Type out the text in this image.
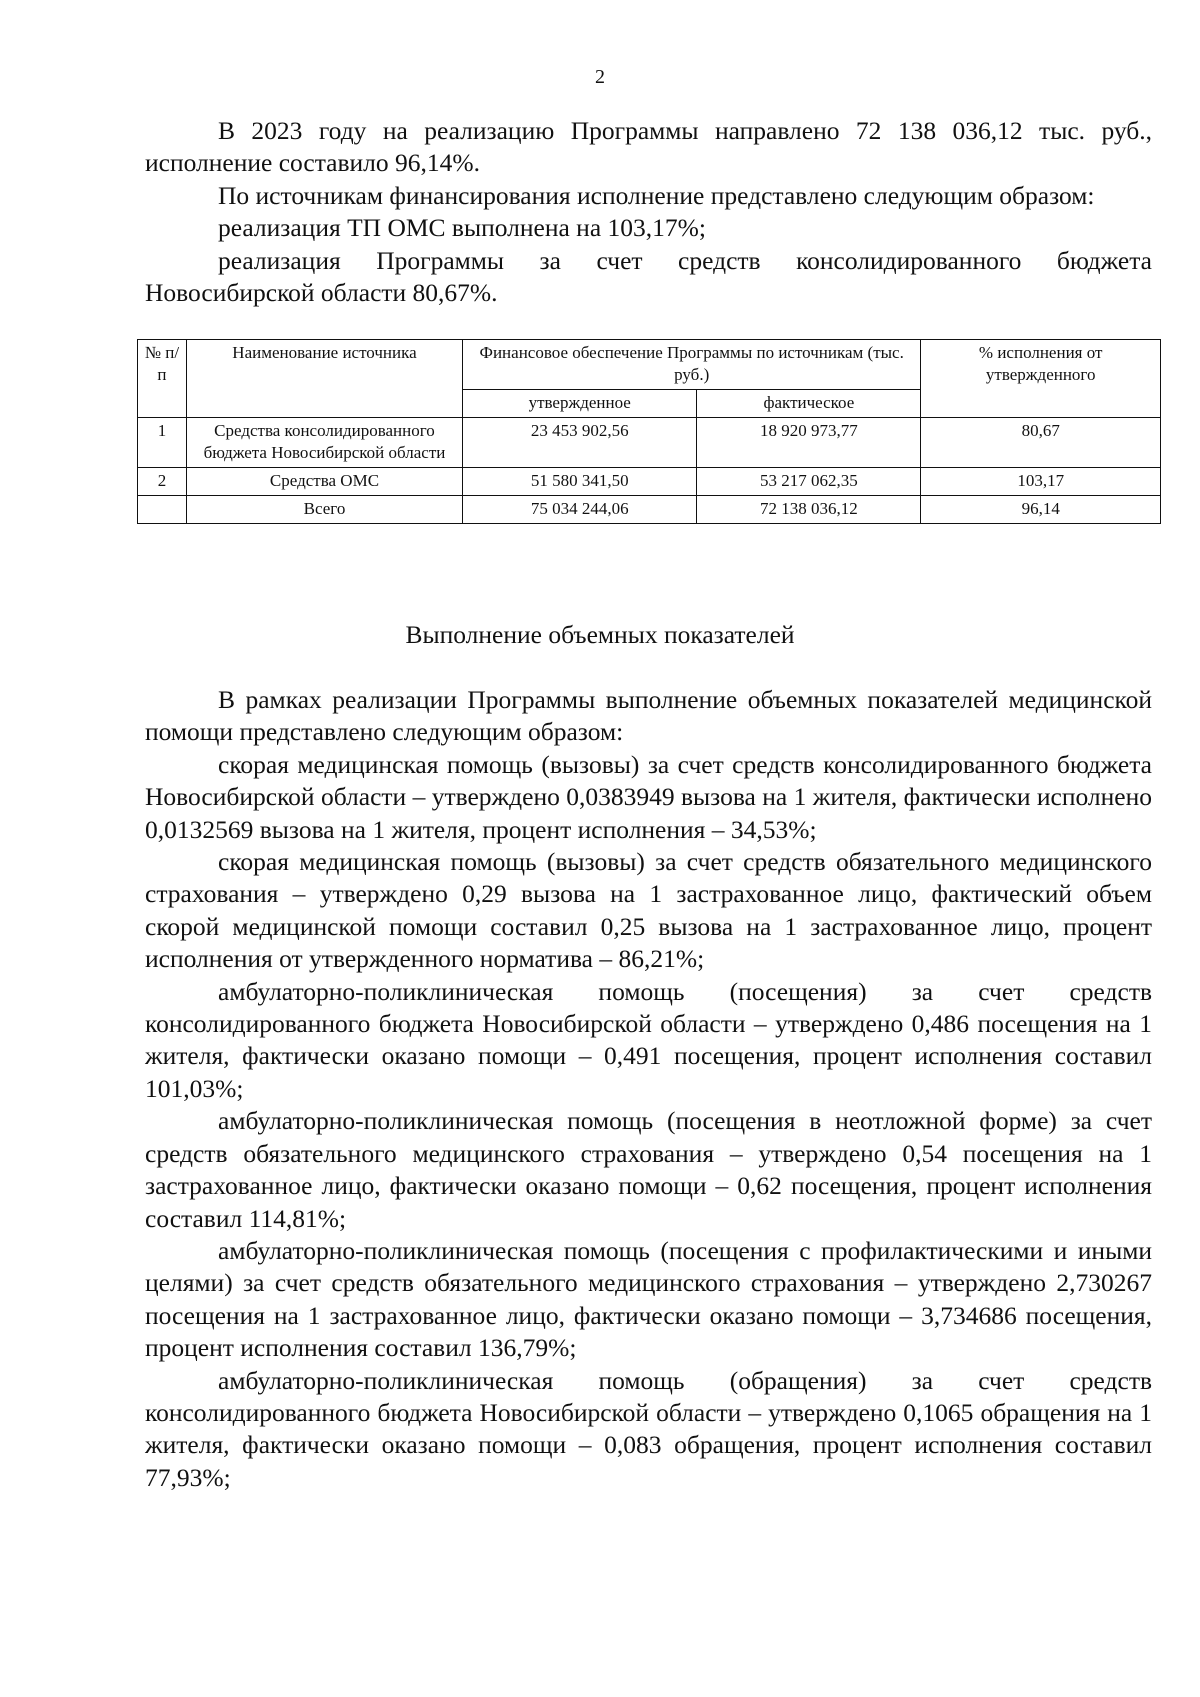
2

В 2023 году на реализацию Программы направлено 72 138 036,12 тыс. руб., исполнение составило 96,14%.

По источникам финансирования исполнение представлено следующим образом:

реализация ТП ОМС выполнена на 103,17%;

реализация Программы за счет средств консолидированного бюджета Новосибирской области 80,67%.

№ п/п	Наименование источника	Финансовое обеспечение Программы по источникам (тыс. руб.)		% исполнения от утвержденного
		утвержденное	фактическое	
1	Средства консолидированного бюджета Новосибирской области	23 453 902,56	18 920 973,77	80,67
2	Средства ОМС	51 580 341,50	53 217 062,35	103,17
	Всего	75 034 244,06	72 138 036,12	96,14
Выполнение объемных показателей

В рамках реализации Программы выполнение объемных показателей медицинской помощи представлено следующим образом:

скорая медицинская помощь (вызовы) за счет средств консолидированного бюджета Новосибирской области – утверждено 0,0383949 вызова на 1 жителя, фактически исполнено 0,0132569 вызова на 1 жителя, процент исполнения – 34,53%;

скорая медицинская помощь (вызовы) за счет средств обязательного медицинского страхования – утверждено 0,29 вызова на 1 застрахованное лицо, фактический объем скорой медицинской помощи составил 0,25 вызова на 1 застрахованное лицо, процент исполнения от утвержденного норматива – 86,21%;

амбулаторно-поликлиническая помощь (посещения) за счет средств консолидированного бюджета Новосибирской области – утверждено 0,486 посещения на 1 жителя, фактически оказано помощи – 0,491 посещения, процент исполнения составил 101,03%;

амбулаторно-поликлиническая помощь (посещения в неотложной форме) за счет средств обязательного медицинского страхования – утверждено 0,54 посещения на 1 застрахованное лицо, фактически оказано помощи – 0,62 посещения, процент исполнения составил 114,81%;

амбулаторно-поликлиническая помощь (посещения с профилактическими и иными целями) за счет средств обязательного медицинского страхования – утверждено 2,730267 посещения на 1 застрахованное лицо, фактически оказано помощи – 3,734686 посещения, процент исполнения составил 136,79%;

амбулаторно-поликлиническая помощь (обращения) за счет средств консолидированного бюджета Новосибирской области – утверждено 0,1065 обращения на 1 жителя, фактически оказано помощи – 0,083 обращения, процент исполнения составил 77,93%;
